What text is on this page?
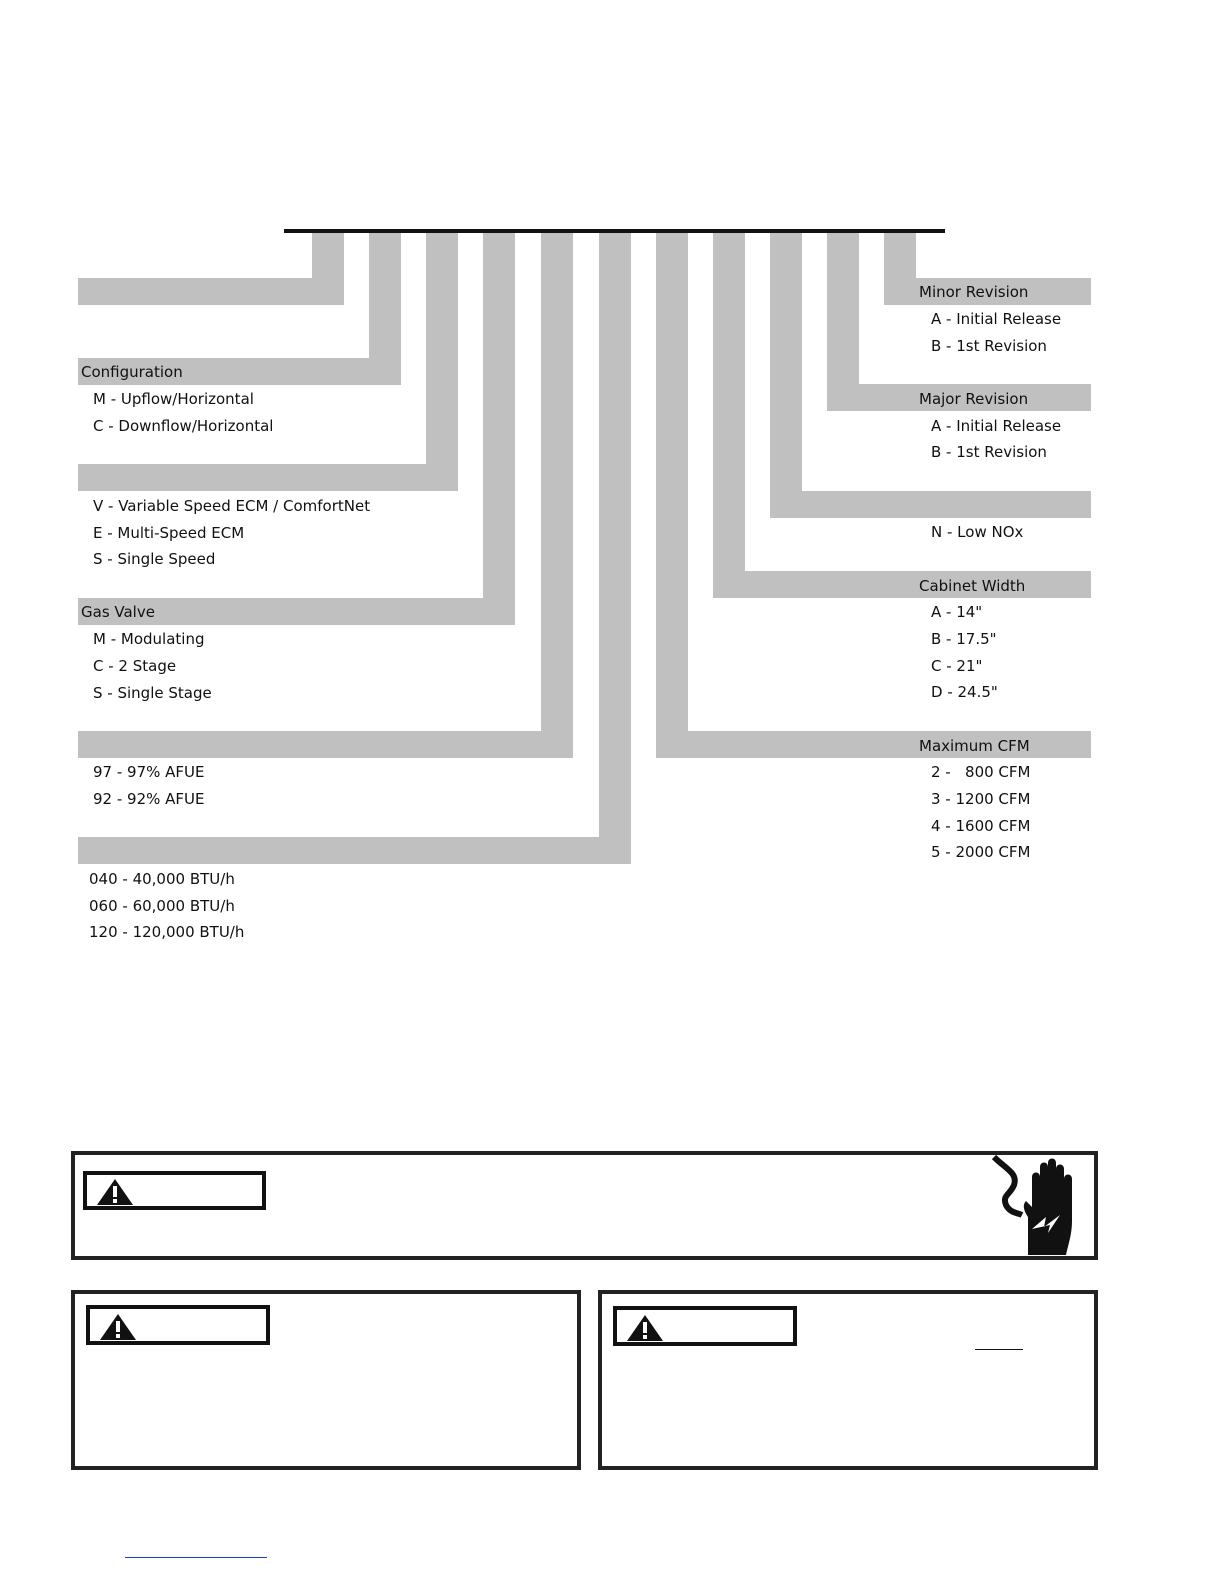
Configuration
M - Upflow/Horizontal
C - Downflow/Horizontal
V - Variable Speed ECM / ComfortNet
E - Multi-Speed ECM
S - Single Speed
Gas Valve
M - Modulating
C - 2 Stage
S - Single Stage
97 - 97% AFUE
92 - 92% AFUE
040 - 40,000 BTU/h
060 - 60,000 BTU/h
120 - 120,000 BTU/h
Minor Revision
A - Initial Release
B - 1st Revision
Major Revision
A - Initial Release
B - 1st Revision
N - Low NOx
Cabinet Width
A - 14"
B - 17.5"
C - 21"
D - 24.5"
Maximum CFM
2 -   800 CFM
3 - 1200 CFM
4 - 1600 CFM
5 - 2000 CFM
